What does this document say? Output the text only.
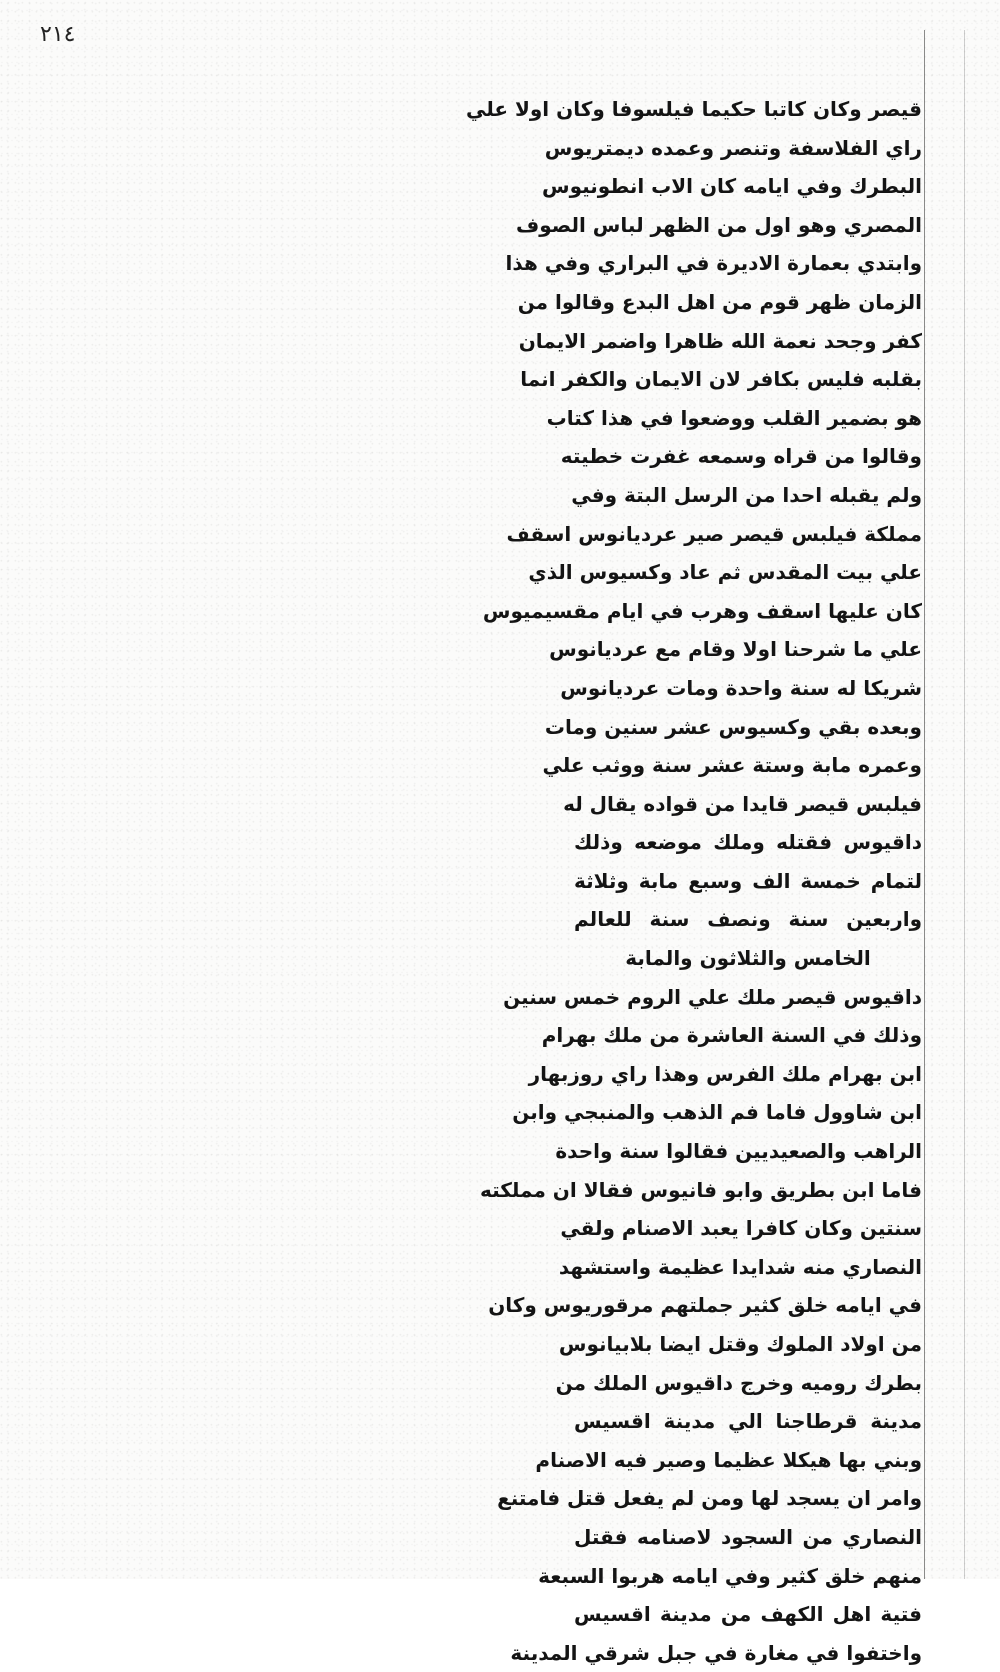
٢١٤
قيصر وكان كاتبا حكيما فيلسوفا وكان اولا علي
راي الفلاسفة وتنصر وعمده ديمتريوس
البطرك وفي ايامه كان الاب انطونيوس
المصري وهو اول من الظهر لباس الصوف
وابتدي بعمارة الاديرة في البراري وفي هذا
الزمان ظهر قوم من اهل البدع وقالوا من
كفر وجحد نعمة الله ظاهرا واضمر الايمان
بقلبه فليس بكافر لان الايمان والكفر انما
هو بضمير القلب ووضعوا في هذا كتاب
وقالوا من قراه وسمعه غفرت خطيته
ولم يقبله احدا من الرسل البتة وفي
مملكة فيلبس قيصر صير عرديانوس اسقف
علي بيت المقدس ثم عاد وكسيوس الذي
كان عليها اسقف وهرب في ايام مقسيميوس
علي ما شرحنا اولا وقام مع عرديانوس
شريكا له سنة واحدة ومات عرديانوس
وبعده بقي وكسيوس عشر سنين ومات
وعمره مابة وستة عشر سنة ووثب علي
فيلبس قيصر قايدا من قواده يقال له
داقيوس فقتله وملك موضعه وذلك
لتمام خمسة الف وسبع مابة وثلاثة
واربعين سنة ونصف سنة للعالم
الخامس والثلاثون والمابة
داقيوس قيصر ملك علي الروم خمس سنين
وذلك في السنة العاشرة من ملك بهرام
ابن بهرام ملك الفرس وهذا راي روزبهار
ابن شاوول فاما فم الذهب والمنبجي وابن
الراهب والصعيديين فقالوا سنة واحدة
فاما ابن بطريق وابو فانيوس فقالا ان مملكته
سنتين وكان كافرا يعبد الاصنام ولقي
النصاري منه شدايدا عظيمة واستشهد
في ايامه خلق كثير جملتهم مرقوريوس وكان
من اولاد الملوك وقتل ايضا بلابيانوس
بطرك روميه وخرج داقيوس الملك من
مدينة قرطاجنا الي مدينة اقسيس
وبني بها هيكلا عظيما وصير فيه الاصنام
وامر ان يسجد لها ومن لم يفعل قتل فامتنع
النصاري من السجود لاصنامه فقتل
منهم خلق كثير وفي ايامه هربوا السبعة
فتية اهل الكهف من مدينة اقسيس
واختفوا في مغارة في جبل شرقي المدينة
